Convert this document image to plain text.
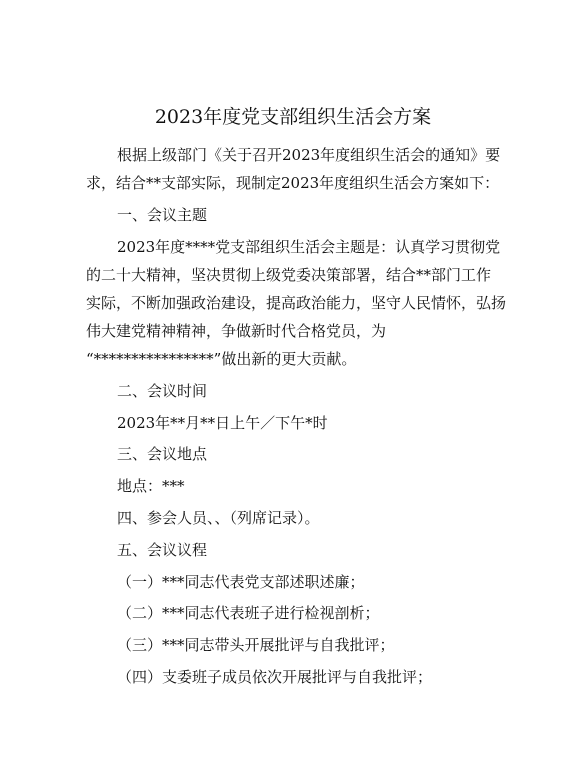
2023年度党支部组织生活会方案
根据上级部门《关于召开2023年度组织生活会的通知》要
求，结合**支部实际，现制定2023年度组织生活会方案如下：
一、会议主题
2023年度****党支部组织生活会主题是：认真学习贯彻党
的二十大精神，坚决贯彻上级党委决策部署，结合**部门工作
实际，不断加强政治建设，提高政治能力，坚守人民情怀，弘扬
伟大建党精神精神，争做新时代合格党员，为
“****************”做出新的更大贡献。
二、会议时间
2023年**月**日上午／下午*时
三、会议地点
地点：***
四、参会人员、、（列席记录）。
五、会议议程
（一）***同志代表党支部述职述廉；
（二）***同志代表班子进行检视剖析；
（三）***同志带头开展批评与自我批评；
（四）支委班子成员依次开展批评与自我批评；
